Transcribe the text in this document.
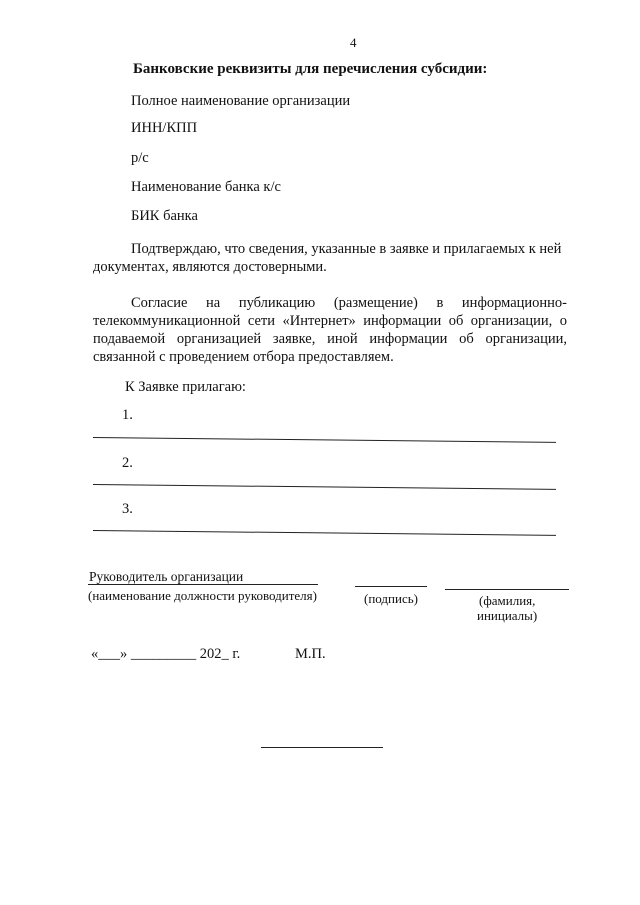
4
Банковские реквизиты для перечисления субсидии:
Полное наименование организации
ИНН/КПП
р/с
Наименование банка к/с
БИК банка
Подтверждаю, что сведения, указанные в заявке и прилагаемых к ней
документах, являются достоверными.
Согласие на публикацию (размещение) в информационно-
телекоммуникационной сети «Интернет» информации об организации, о
подаваемой организацией заявке, иной информации об организации,
связанной с проведением отбора предоставляем.
К Заявке прилагаю:
1.
2.
3.
Руководитель организации
(наименование должности руководителя)	(подпись)	(фамилия,
инициалы)
«___» _________ 202_ г.	М.П.
